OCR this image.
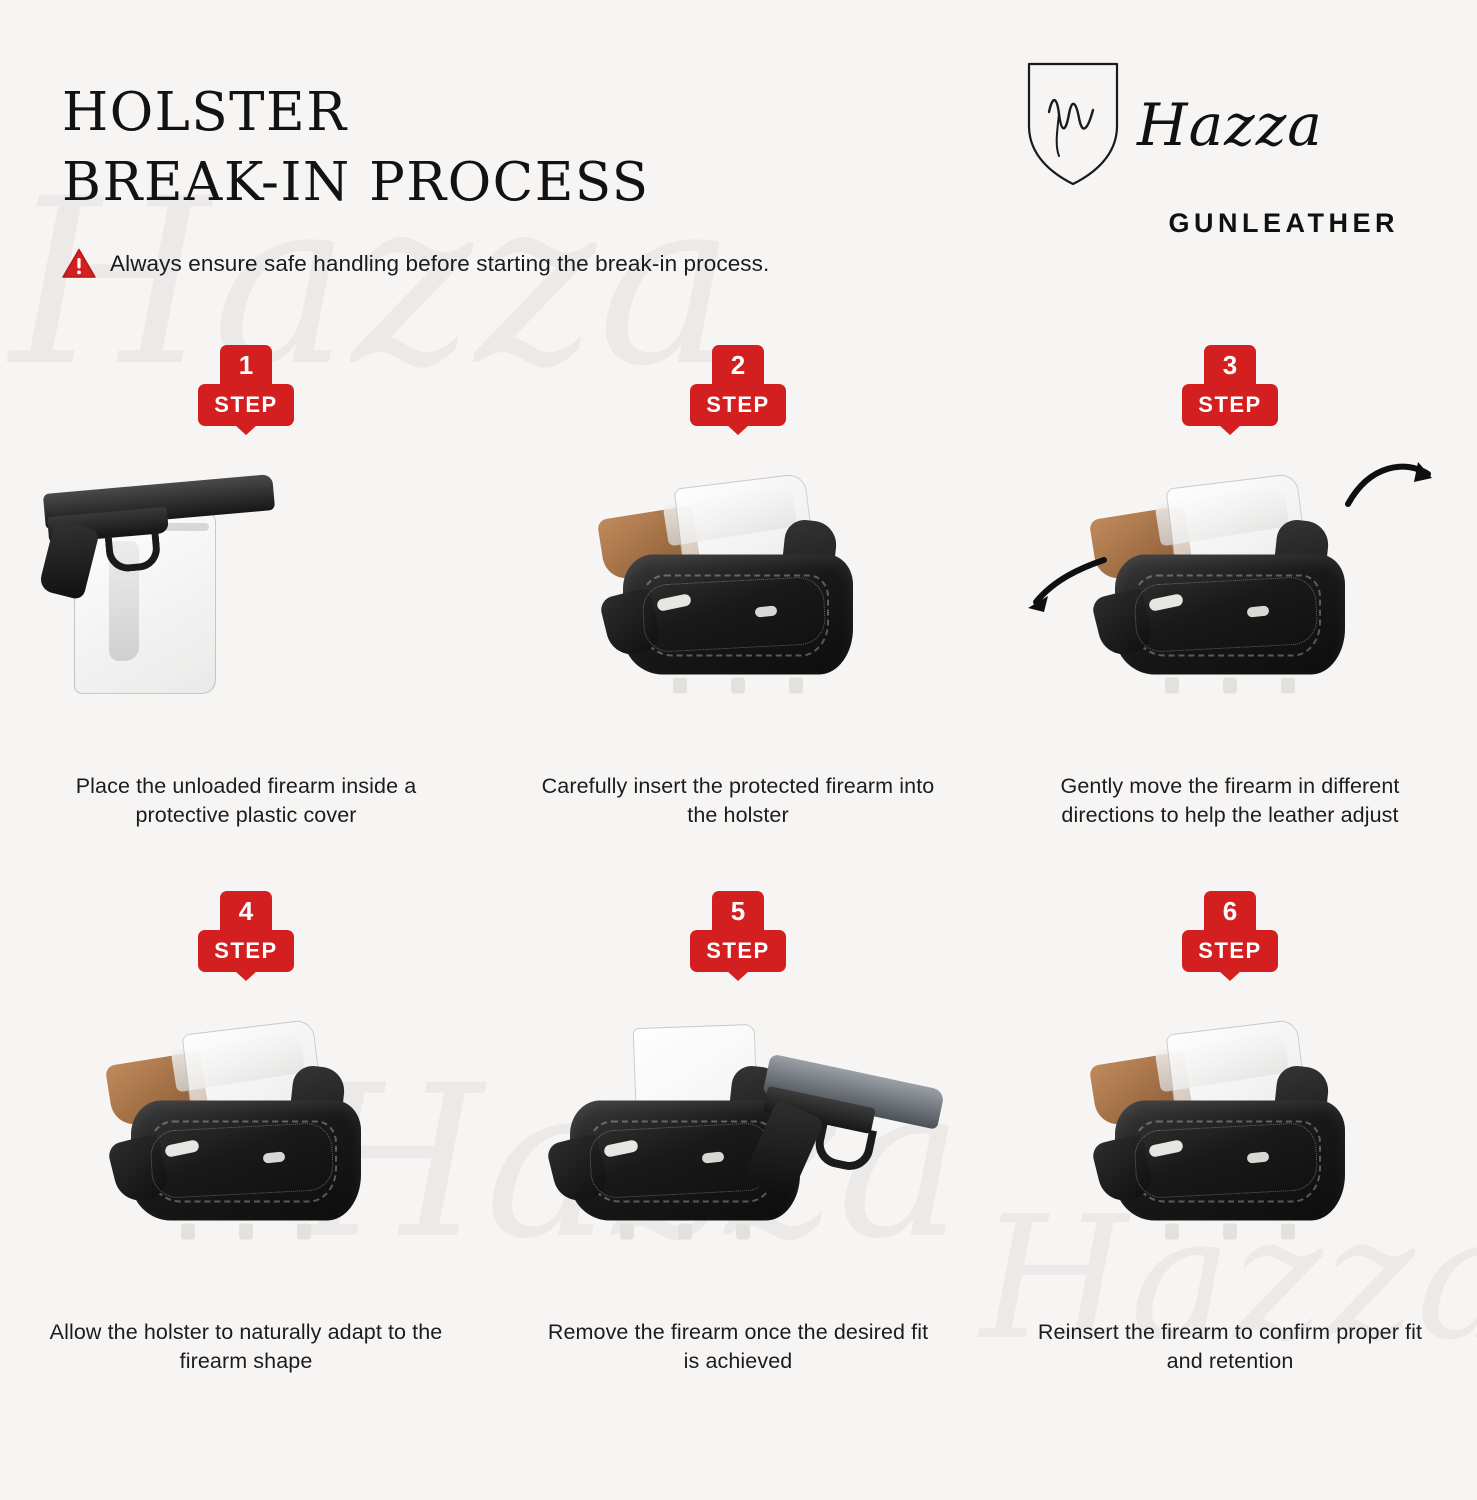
HOLSTER
BREAK-IN PROCESS
Always ensure safe handling before starting the break-in process.
Hazza
GUNLEATHER
1
STEP
Place the unloaded firearm inside a protective plastic cover
2
STEP
Carefully insert the protected firearm into the holster
3
STEP
Gently move the firearm in different directions to help the leather adjust
4
STEP
Allow the holster to naturally adapt to the firearm shape
5
STEP
Remove the firearm once the desired fit is achieved
6
STEP
Reinsert the firearm to confirm proper fit and retention
